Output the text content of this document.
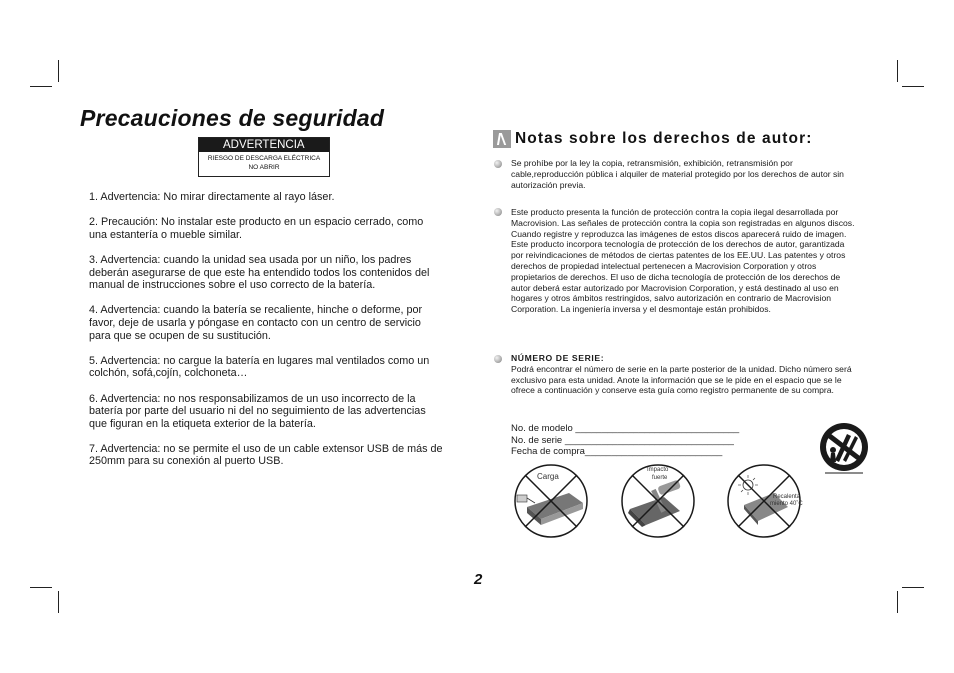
Precauciones de seguridad
ADVERTENCIA
RIESGO DE DESCARGA ELÉCTRICA
NO ABRIR

1. Advertencia: No mirar directamente al rayo láser.

2. Precaución: No instalar este producto en un espacio cerrado, como una estantería o mueble similar.

3. Advertencia: cuando la unidad sea usada por un niño, los padres deberán asegurarse de que este ha entendido todos los contenidos del manual de instrucciones sobre el uso correcto de la batería.

4. Advertencia: cuando la batería se recaliente, hinche o deforme, por favor, deje de usarla y póngase en contacto con un centro de servicio para que se ocupen de su sustitución.

5. Advertencia: no cargue la batería en lugares mal ventilados como un colchón, sofá,cojín, colchoneta…

6. Advertencia: no nos responsabilizamos de un uso incorrecto de la batería por parte del usuario ni del no seguimiento de las advertencias que figuran en la etiqueta exterior de la batería.

7. Advertencia: no se permite el uso de un cable extensor USB de más de 250mm para su conexión al puerto USB.

Notas sobre los derechos de autor:
Se prohíbe por la ley la copia, retransmisión, exhibición, retransmisión por cable,reproducción pública i alquiler de material protegido por los derechos de autor sin autorización previa.
Este producto presenta la función de protección contra la copia ilegal desarrollada por Macrovision. Las señales de protección contra la copia son registradas en algunos discos. Cuando registre y reproduzca las imágenes de estos discos aparecerá ruido de imagen. Este producto incorpora tecnología de protección de los derechos de autor, garantizada por reivindicaciones de métodos de ciertas patentes de los EE.UU. Las patentes y otros derechos de propiedad intelectual pertenecen a Macrovision Corporation y otros propietarios de derechos. El uso de dicha tecnología de protección de los derechos de autor deberá estar autorizado por Macrovision Corporation, y está destinado al uso en hogares y otros ámbitos restringidos, salvo autorización en contrario de Macrovision Corporation. La ingeniería inversa y el desmontaje están prohibidos.
NÚMERO DE SERIE:
Podrá encontrar el número de serie en la parte posterior de la unidad. Dicho número será exclusivo para esta unidad. Anote la información que se le pide en el espacio que se le ofrece a continuación y conserve esta guía como registro permanente de su compra.
No. de modelo _______________________________
No. de serie ________________________________
Fecha de compra__________________________
Carga
Impacto
fuerte
Recalenta
miento 40˚C
2
